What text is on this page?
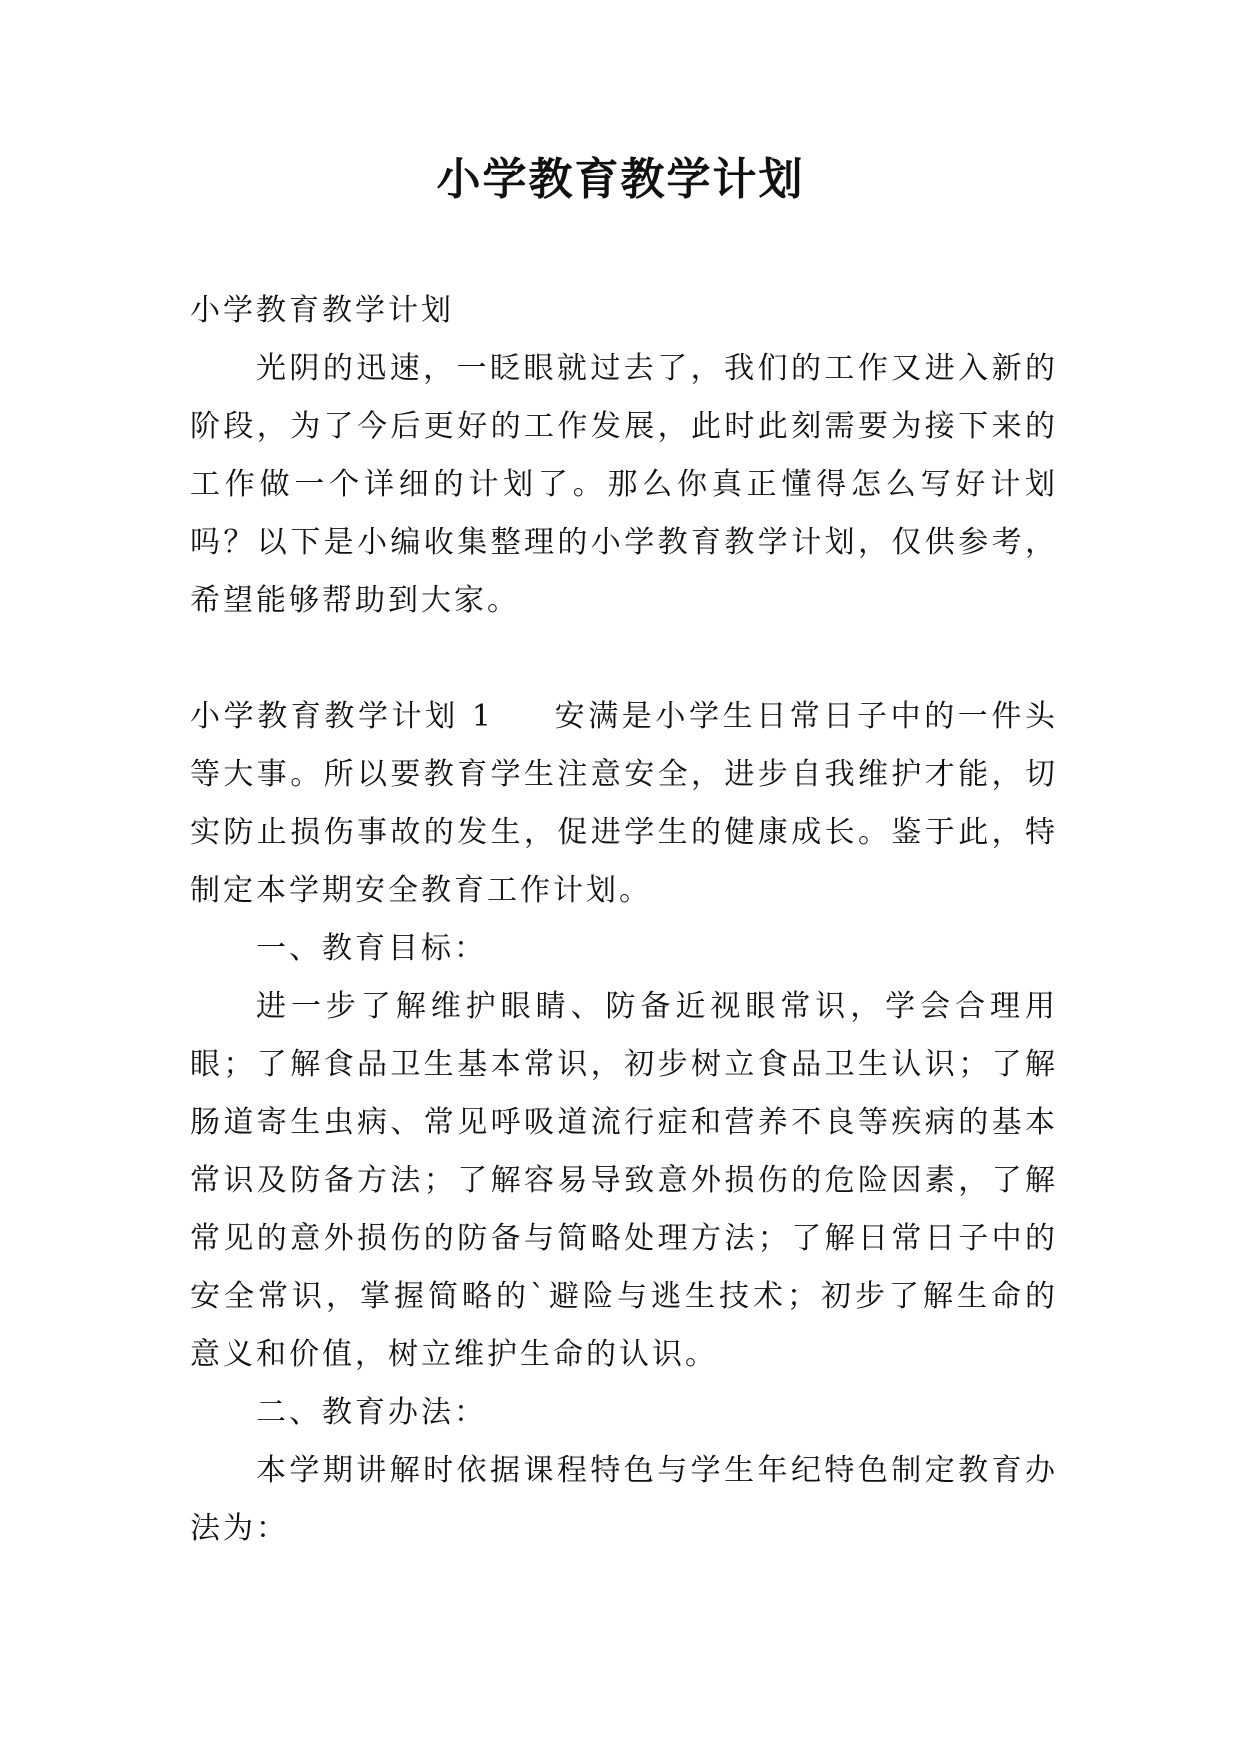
小学教育教学计划

小学教育教学计划

光阴的迅速，一眨眼就过去了，我们的工作又进入新的阶段，为了今后更好的工作发展，此时此刻需要为接下来的工作做一个详细的计划了。那么你真正懂得怎么写好计划吗？以下是小编收集整理的小学教育教学计划，仅供参考，希望能够帮助到大家。

小学教育教学计划 1 安满是小学生日常日子中的一件头等大事。所以要教育学生注意安全，进步自我维护才能，切实防止损伤事故的发生，促进学生的健康成长。鉴于此，特制定本学期安全教育工作计划。

一、教育目标：

进一步了解维护眼睛、防备近视眼常识，学会合理用眼；了解食品卫生基本常识，初步树立食品卫生认识；了解肠道寄生虫病、常见呼吸道流行症和营养不良等疾病的基本常识及防备方法；了解容易导致意外损伤的危险因素，了解常见的意外损伤的防备与简略处理方法；了解日常日子中的安全常识，掌握简略的`避险与逃生技术；初步了解生命的意义和价值，树立维护生命的认识。

二、教育办法：

本学期讲解时依据课程特色与学生年纪特色制定教育办法为：
